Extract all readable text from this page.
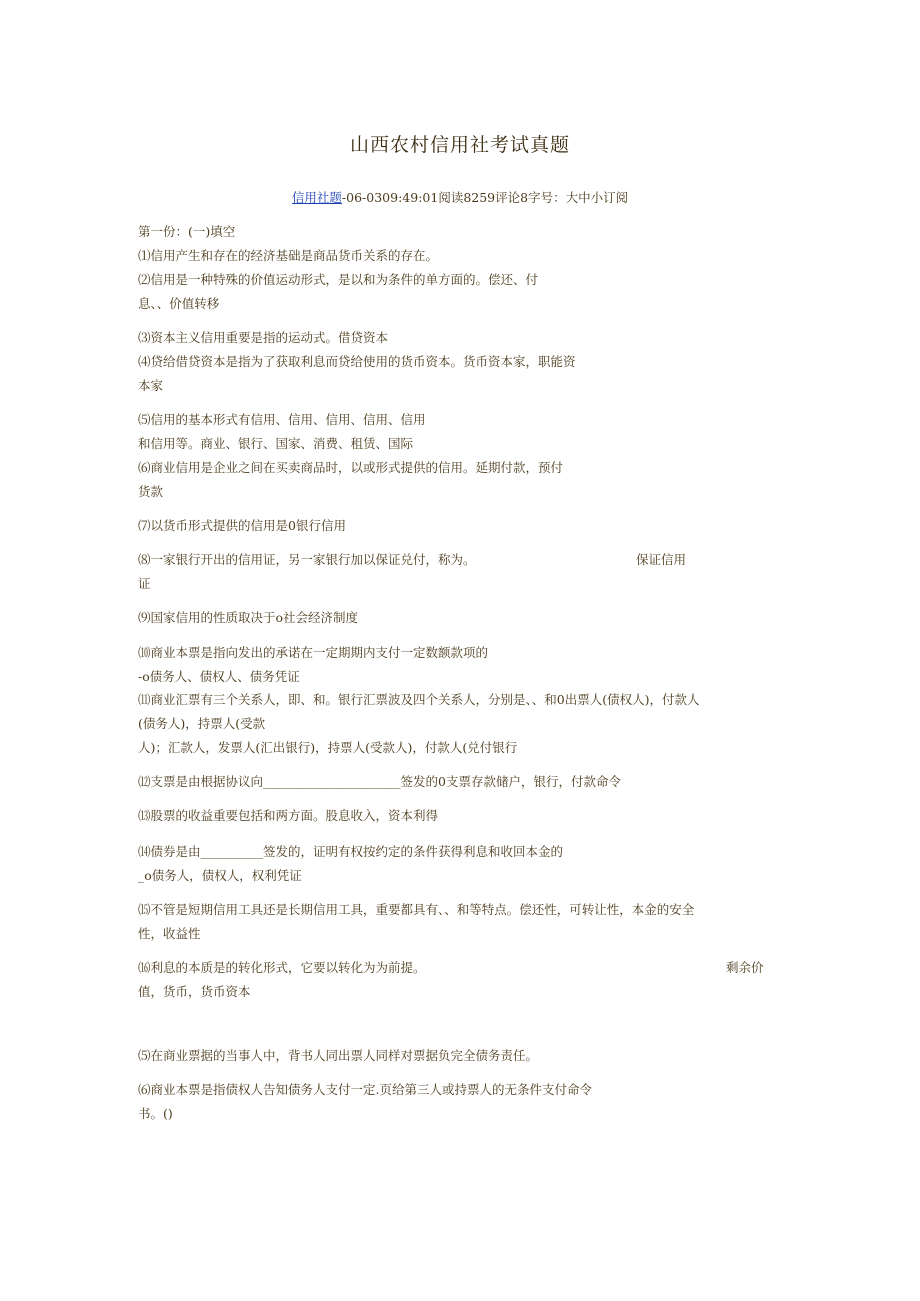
山西农村信用社考试真题
信用社题-06-0309:49:01阅读8259评论8字号：大中小订阅
第一份：(一)填空
⑴信用产生和存在的经济基础是商品货币关系的存在。
⑵信用是一种特殊的价值运动形式，是以和为条件的单方面的。偿还、付
息、、价值转移
⑶资本主义信用重要是指的运动式。借贷资本
⑷贷给借贷资本是指为了获取利息而贷给使用的货币资本。货币资本家，职能资
本家
⑸信用的基本形式有信用、信用、信用、信用、信用
和信用等。商业、银行、国家、消费、租赁、国际
⑹商业信用是企业之间在买卖商品时，以或形式提供的信用。延期付款，预付
货款
⑺以货币形式提供的信用是0银行信用
⑻一家银行开出的信用证，另一家银行加以保证兑付，称为。	保证信用
证
⑼国家信用的性质取决于o社会经济制度
⑽商业本票是指向发出的承诺在一定期期内支付一定数额款项的
-o债务人、债权人、债务凭证
⑾商业汇票有三个关系人，即、和。银行汇票波及四个关系人，分别是、、和0出票人(债权人)，付款人
(债务人)，持票人(受款
人)；汇款人，发票人(汇出银行)，持票人(受款人)，付款人(兑付银行
⑿支票是由根据协议向______________________签发的0支票存款储户，银行，付款命令
⒀股票的收益重要包括和两方面。股息收入，资本利得
⒁债券是由__________签发的，证明有权按约定的条件获得利息和收回本金的
_o债务人，债权人，权利凭证
⒂不管是短期信用工具还是长期信用工具，重要都具有、、和等特点。偿还性，可转让性，本金的安全
性，收益性
⒃利息的本质是的转化形式，它要以转化为为前提。	剩余价
值，货币，货币资本
⑸在商业票据的当事人中，背书人同出票人同样对票据负完全债务责任。
⑹商业本票是指债权人告知债务人支付一定.页给第三人或持票人的无条件支付命令
书。()
